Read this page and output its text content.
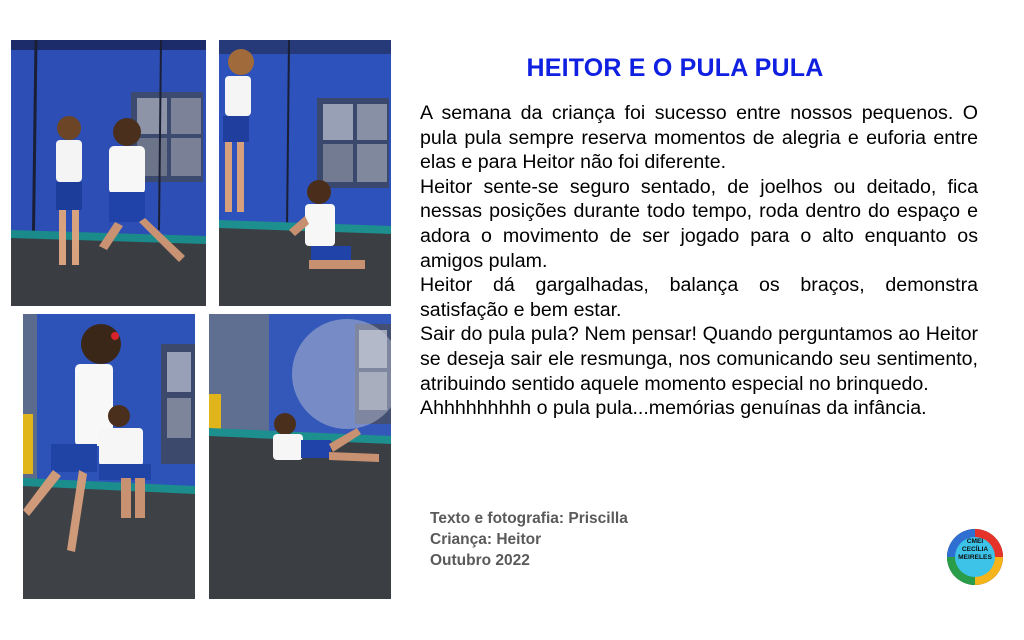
HEITOR E O PULA PULA

A semana da criança foi sucesso entre nossos pequenos. O pula pula sempre reserva momentos de alegria e euforia entre elas e para Heitor não foi diferente.

Heitor sente-se seguro sentado, de joelhos ou deitado, fica nessas posições durante todo tempo, roda dentro do espaço e adora o movimento de ser jogado para o alto enquanto os amigos pulam.

Heitor dá gargalhadas, balança os braços, demonstra satisfação e bem estar.

Sair do pula pula? Nem pensar! Quando perguntamos ao Heitor se deseja sair ele resmunga, nos comunicando seu sentimento, atribuindo sentido aquele momento especial no brinquedo.

Ahhhhhhhhh o pula pula...memórias genuínas da infância.

Texto e fotografia: Priscilla
Criança: Heitor
Outubro 2022
CMEI
CECÍLIA
MEIRELES
